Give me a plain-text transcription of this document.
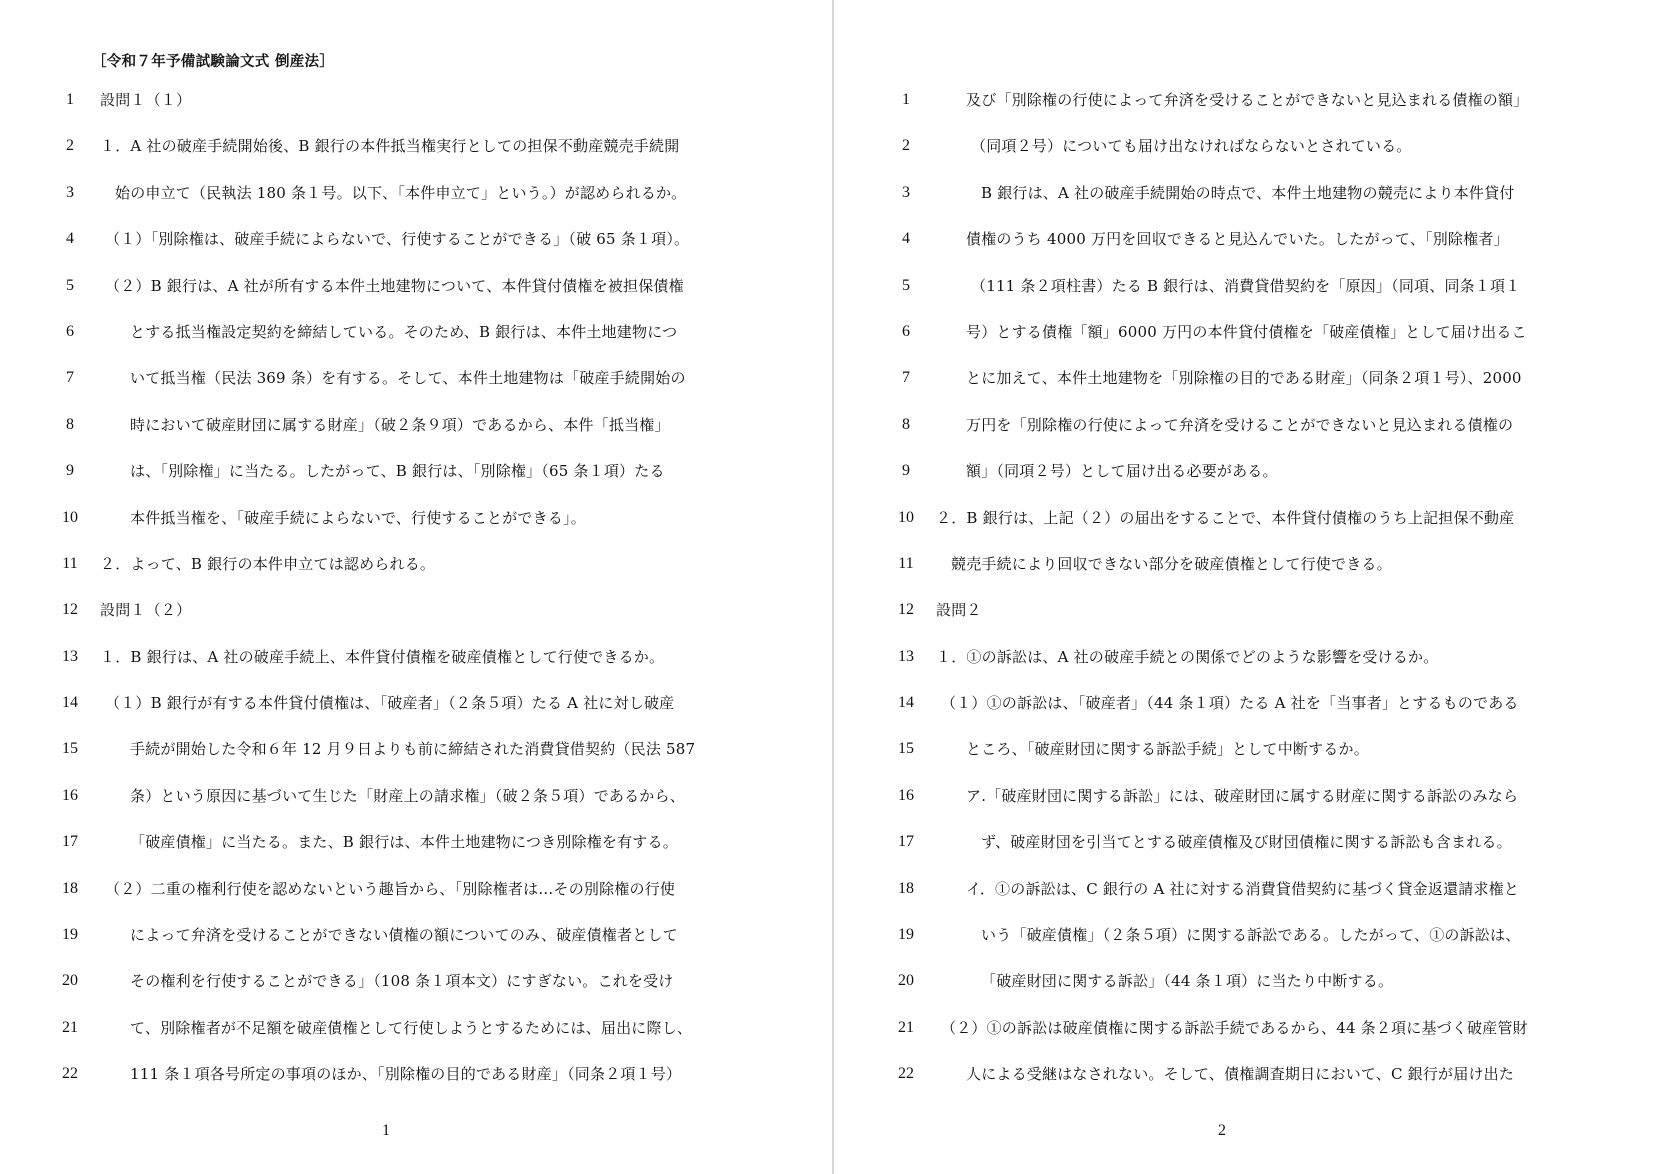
［令和７年予備試験論文式 倒産法］
1	設問１（１）
2	１．A 社の破産手続開始後、B 銀行の本件抵当権実行としての担保不動産競売手続開
3	始の申立て（民執法 180 条１号。以下、「本件申立て」という。）が認められるか。
4	（１）「別除権は、破産手続によらないで、行使することができる」（破 65 条１項）。
5	（２）B 銀行は、A 社が所有する本件土地建物について、本件貸付債権を被担保債権
6	とする抵当権設定契約を締結している。そのため、B 銀行は、本件土地建物につ
7	いて抵当権（民法 369 条）を有する。そして、本件土地建物は「破産手続開始の
8	時において破産財団に属する財産」（破２条９項）であるから、本件「抵当権」
9	は、「別除権」に当たる。したがって、B 銀行は、「別除権」（65 条１項）たる
10	本件抵当権を、「破産手続によらないで、行使することができる」。
11	２．よって、B 銀行の本件申立ては認められる。
12	設問１（２）
13	１．B 銀行は、A 社の破産手続上、本件貸付債権を破産債権として行使できるか。
14	（１）B 銀行が有する本件貸付債権は、「破産者」（２条５項）たる A 社に対し破産
15	手続が開始した令和６年 12 月９日よりも前に締結された消費貸借契約（民法 587
16	条）という原因に基づいて生じた「財産上の請求権」（破２条５項）であるから、
17	「破産債権」に当たる。また、B 銀行は、本件土地建物につき別除権を有する。
18	（２）二重の権利行使を認めないという趣旨から、「別除権者は…その別除権の行使
19	によって弁済を受けることができない債権の額についてのみ、破産債権者として
20	その権利を行使することができる」（108 条１項本文）にすぎない。これを受け
21	て、別除権者が不足額を破産債権として行使しようとするためには、届出に際し、
22	111 条１項各号所定の事項のほか、「別除権の目的である財産」（同条２項１号）
1
1	及び「別除権の行使によって弁済を受けることができないと見込まれる債権の額」
2	（同項２号）についても届け出なければならないとされている。
3	B 銀行は、A 社の破産手続開始の時点で、本件土地建物の競売により本件貸付
4	債権のうち 4000 万円を回収できると見込んでいた。したがって、「別除権者」
5	（111 条２項柱書）たる B 銀行は、消費貸借契約を「原因」（同項、同条１項１
6	号）とする債権「額」6000 万円の本件貸付債権を「破産債権」として届け出るこ
7	とに加えて、本件土地建物を「別除権の目的である財産」（同条２項１号）、2000
8	万円を「別除権の行使によって弁済を受けることができないと見込まれる債権の
9	額」（同項２号）として届け出る必要がある。
10	２．B 銀行は、上記（２）の届出をすることで、本件貸付債権のうち上記担保不動産
11	競売手続により回収できない部分を破産債権として行使できる。
12	設問２
13	１．①の訴訟は、A 社の破産手続との関係でどのような影響を受けるか。
14	（１）①の訴訟は、「破産者」（44 条１項）たる A 社を「当事者」とするものである
15	ところ、「破産財団に関する訴訟手続」として中断するか。
16	ア.「破産財団に関する訴訟」には、破産財団に属する財産に関する訴訟のみなら
17	ず、破産財団を引当てとする破産債権及び財団債権に関する訴訟も含まれる。
18	イ．①の訴訟は、C 銀行の A 社に対する消費貸借契約に基づく貸金返還請求権と
19	いう「破産債権」（２条５項）に関する訴訟である。したがって、①の訴訟は、
20	「破産財団に関する訴訟」（44 条１項）に当たり中断する。
21	（２）①の訴訟は破産債権に関する訴訟手続であるから、44 条２項に基づく破産管財
22	人による受継はなされない。そして、債権調査期日において、C 銀行が届け出た
2
